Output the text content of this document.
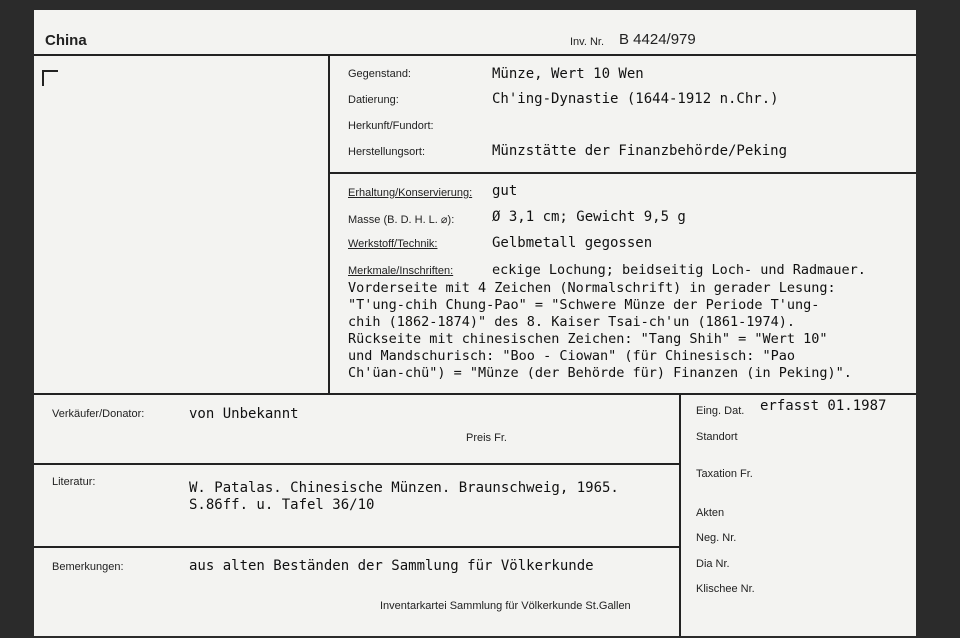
China	Inv. Nr. B 4424/979
Gegenstand:	Münze, Wert 10 Wen
Datierung:	Ch'ing-Dynastie (1644-1912 n.Chr.)
Herkunft/Fundort:
Herstellungsort:	Münzstätte der Finanzbehörde/Peking
Erhaltung/Konservierung: gut
Masse (B. D. H. L. ⌀):	Ø 3,1 cm; Gewicht 9,5 g
Werkstoff/Technik:	Gelbmetall gegossen
Merkmale/Inschriften:	eckige Lochung; beidseitig Loch- und Radmauer.
Vorderseite mit 4 Zeichen (Normalschrift) in gerader Lesung:
"T'ung-chih Chung-Pao" = "Schwere Münze der Periode T'ung-
chih (1862-1874)" des 8. Kaiser Tsai-ch'un (1861-1974).
Rückseite mit chinesischen Zeichen: "Tang Shih" = "Wert 10"
und Mandschurisch: "Boo - Ciowan" (für Chinesisch: "Pao
Ch'üan-chü") = "Münze (der Behörde für) Finanzen (in Peking)".
Verkäufer/Donator:	von Unbekannt
Preis Fr.
Literatur:	W. Patalas. Chinesische Münzen. Braunschweig, 1965.
S.86ff. u. Tafel 36/10
Bemerkungen:	aus alten Beständen der Sammlung für Völkerkunde
Inventarkartei Sammlung für Völkerkunde St.Gallen
Eing. Dat. erfasst 01.1987
Standort
Taxation Fr.
Akten
Neg. Nr.
Dia Nr.
Klischee Nr.
